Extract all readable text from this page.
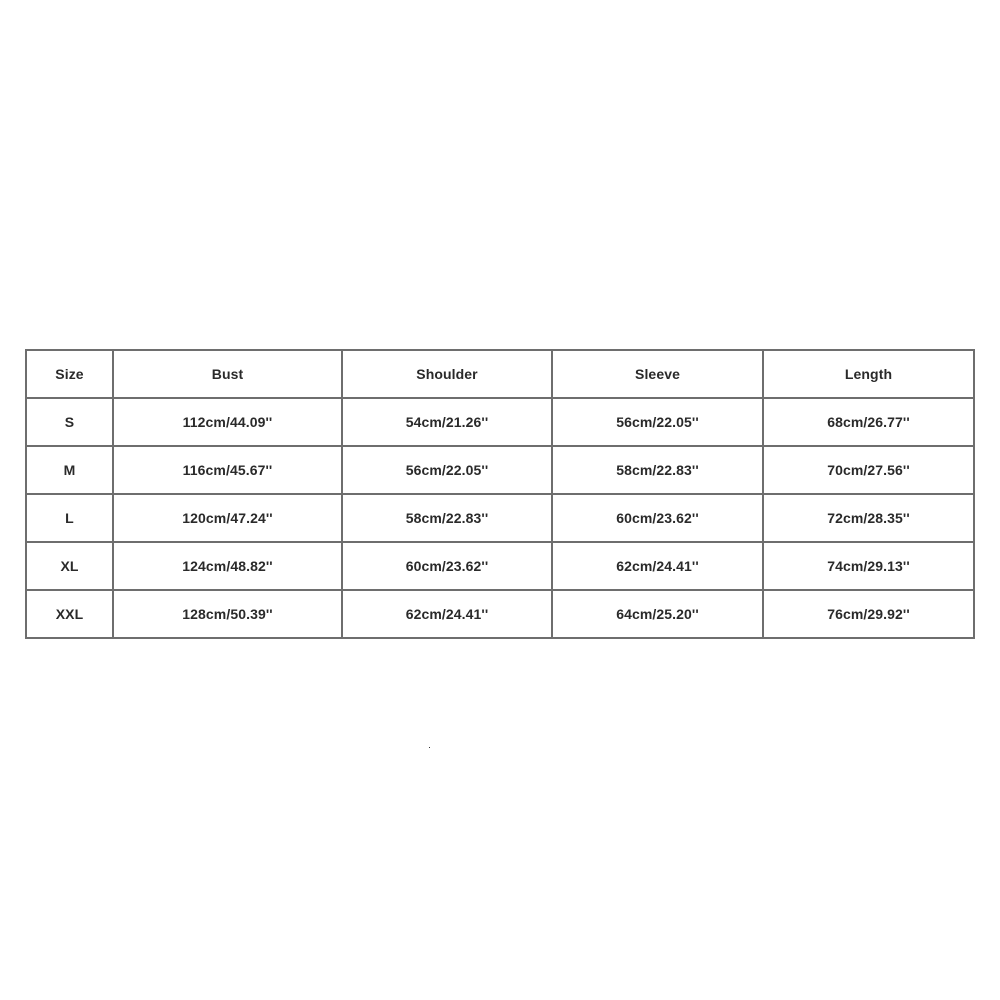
Size	Bust	Shoulder	Sleeve	Length
S	112cm/44.09''	54cm/21.26''	56cm/22.05''	68cm/26.77''
M	116cm/45.67''	56cm/22.05''	58cm/22.83''	70cm/27.56''
L	120cm/47.24''	58cm/22.83''	60cm/23.62''	72cm/28.35''
XL	124cm/48.82''	60cm/23.62''	62cm/24.41''	74cm/29.13''
XXL	128cm/50.39''	62cm/24.41''	64cm/25.20''	76cm/29.92''
